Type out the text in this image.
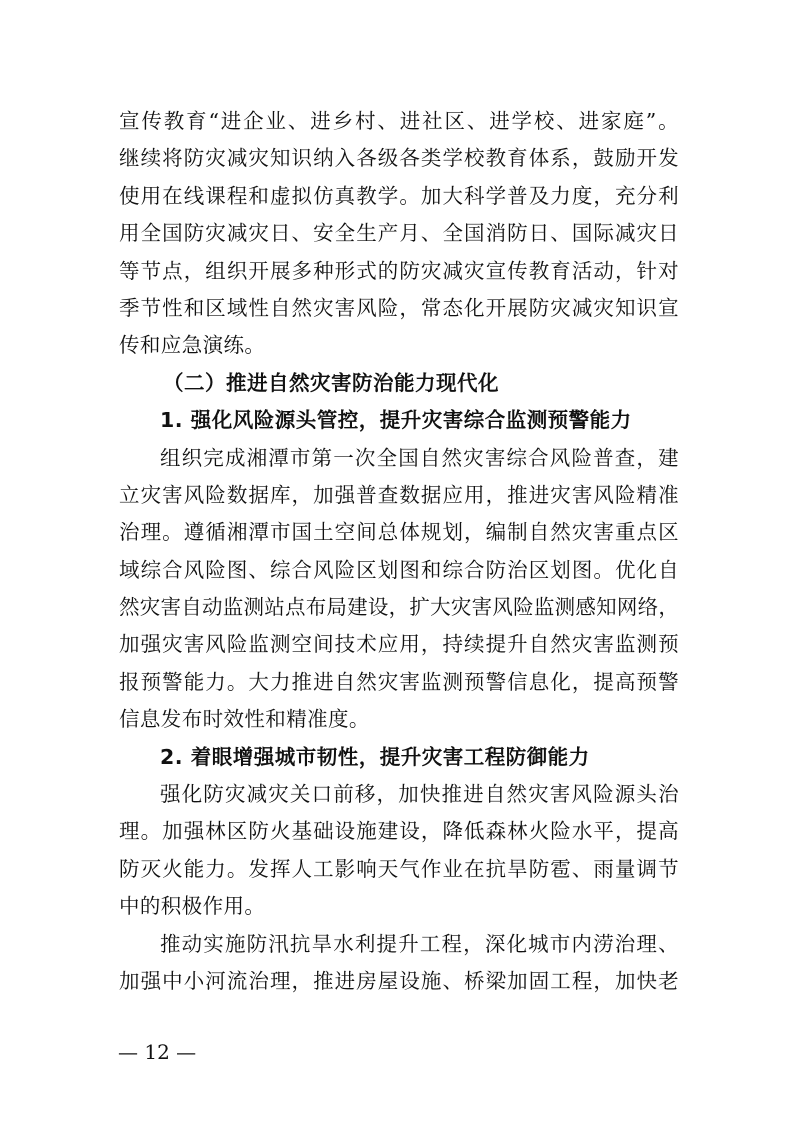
宣传教育“进企业、进乡村、进社区、进学校、进家庭”。
继续将防灾减灾知识纳入各级各类学校教育体系，鼓励开发
使用在线课程和虚拟仿真教学。加大科学普及力度，充分利
用全国防灾减灾日、安全生产月、全国消防日、国际减灾日
等节点，组织开展多种形式的防灾减灾宣传教育活动，针对
季节性和区域性自然灾害风险，常态化开展防灾减灾知识宣
传和应急演练。
（二）推进自然灾害防治能力现代化
1. 强化风险源头管控，提升灾害综合监测预警能力
组织完成湘潭市第一次全国自然灾害综合风险普查，建
立灾害风险数据库，加强普查数据应用，推进灾害风险精准
治理。遵循湘潭市国土空间总体规划，编制自然灾害重点区
域综合风险图、综合风险区划图和综合防治区划图。优化自
然灾害自动监测站点布局建设，扩大灾害风险监测感知网络，
加强灾害风险监测空间技术应用，持续提升自然灾害监测预
报预警能力。大力推进自然灾害监测预警信息化，提高预警
信息发布时效性和精准度。
2. 着眼增强城市韧性，提升灾害工程防御能力
强化防灾减灾关口前移，加快推进自然灾害风险源头治
理。加强林区防火基础设施建设，降低森林火险水平，提高
防灭火能力。发挥人工影响天气作业在抗旱防雹、雨量调节
中的积极作用。
推动实施防汛抗旱水利提升工程，深化城市内涝治理、
加强中小河流治理，推进房屋设施、桥梁加固工程，加快老
— 12 —
